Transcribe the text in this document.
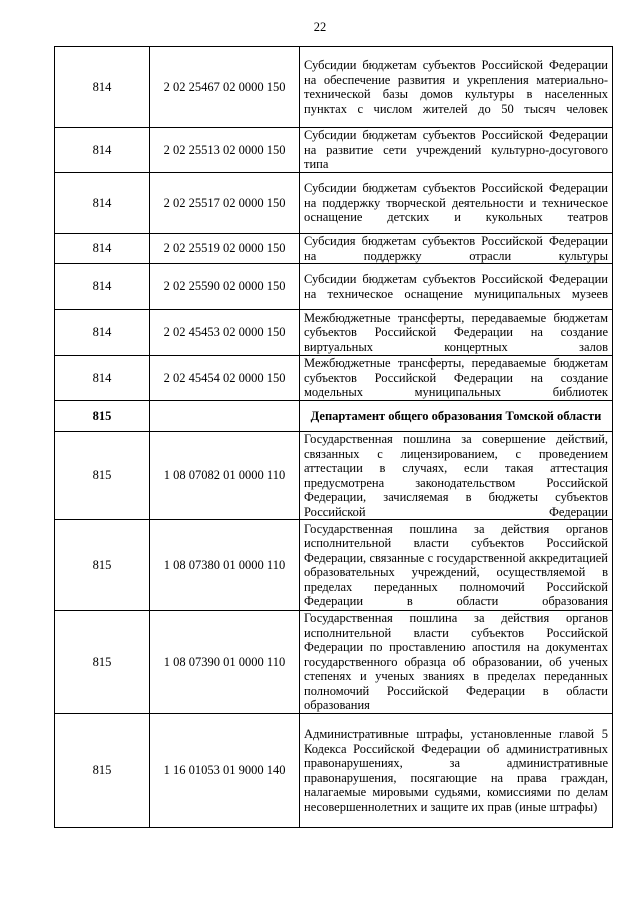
22
814	2 02 25467 02 0000 150	Субсидии бюджетам субъектов Российской Федерации на обеспечение развития и укрепления материально-технической базы домов культуры в населенных пунктах с числом жителей до 50 тысяч человек
814	2 02 25513 02 0000 150	Субсидии бюджетам субъектов Российской Федерации на развитие сети учреждений культурно-досугового типа
814	2 02 25517 02 0000 150	Субсидии бюджетам субъектов Российской Федерации на поддержку творческой деятельности и техническое оснащение детских и кукольных театров
814	2 02 25519 02 0000 150	Субсидия бюджетам субъектов Российской Федерации на поддержку отрасли культуры
814	2 02 25590 02 0000 150	Субсидии бюджетам субъектов Российской Федерации на техническое оснащение муниципальных музеев
814	2 02 45453 02 0000 150	Межбюджетные трансферты, передаваемые бюджетам субъектов Российской Федерации на создание виртуальных концертных залов
814	2 02 45454 02 0000 150	Межбюджетные трансферты, передаваемые бюджетам субъектов Российской Федерации на создание модельных муниципальных библиотек
815		Департамент общего образования Томской области
815	1 08 07082 01 0000 110	Государственная пошлина за совершение действий, связанных с лицензированием, с проведением аттестации в случаях, если такая аттестация предусмотрена законодательством Российской Федерации, зачисляемая в бюджеты субъектов Российской Федерации
815	1 08 07380 01 0000 110	Государственная пошлина за действия органов исполнительной власти субъектов Российской Федерации, связанные с государственной аккредитацией образовательных учреждений, осуществляемой в пределах переданных полномочий Российской Федерации в области образования
815	1 08 07390 01 0000 110	Государственная пошлина за действия органов исполнительной власти субъектов Российской Федерации по проставлению апостиля на документах государственного образца об образовании, об ученых степенях и ученых званиях в пределах переданных полномочий Российской Федерации в области образования
815	1 16 01053 01 9000 140	Административные штрафы, установленные главой 5 Кодекса Российской Федерации об административных правонарушениях, за административные правонарушения, посягающие на права граждан, налагаемые мировыми судьями, комиссиями по делам несовершеннолетних и защите их прав (иные штрафы)
